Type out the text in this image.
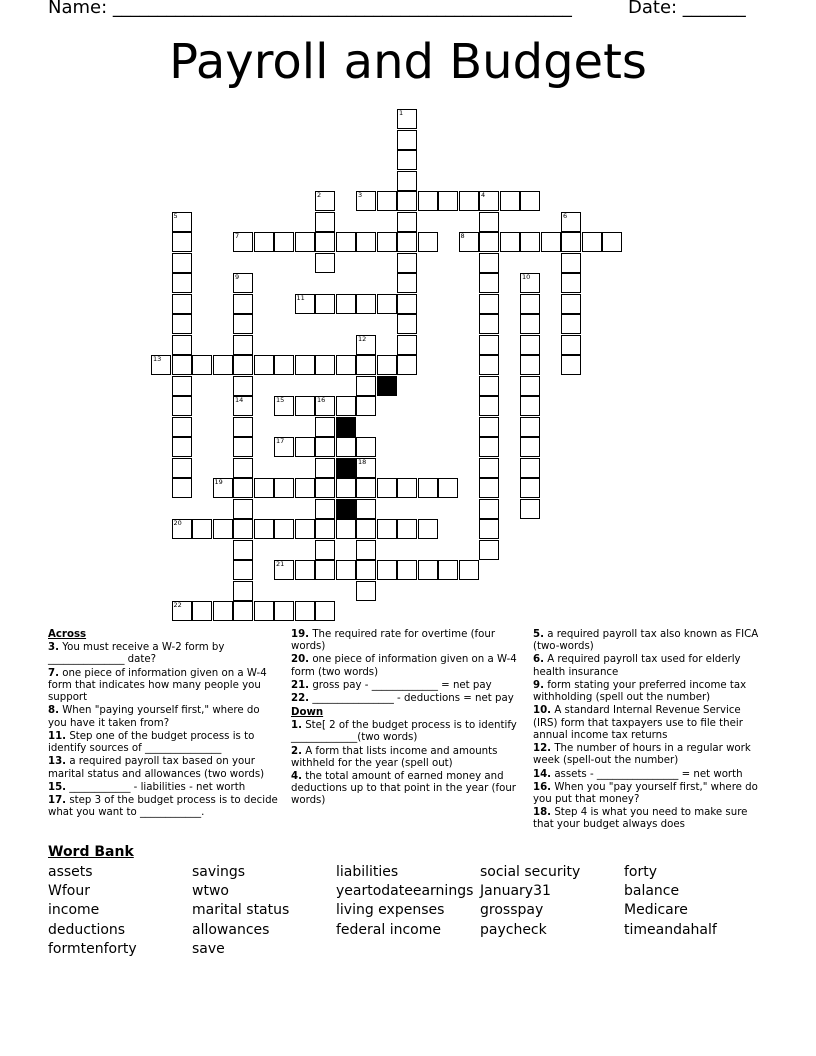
Name: ___________________________________________________	Date: _______
Payroll and Budgets
1
2	3	4
5	6
7	8
9
14
10
11
12
13
15	16
17
18
19
20
21
22

Across

3. You must receive a W-2 form by _______________ date?

7. one piece of information given on a W-4 form that indicates how many people you support

8. When "paying yourself first," where do you have it taken from?

11. Step one of the budget process is to identify sources of _______________

13. a required payroll tax based on your marital status and allowances (two words)

15. ____________ - liabilities - net worth

17. step 3 of the budget process is to decide what you want to ____________.

19. The required rate for overtime (four words)

20. one piece of information given on a W-4 form (two words)

21. gross pay - _____________ = net pay

22. ________________ - deductions = net pay

Down

1. Ste[ 2 of the budget process is to identify _____________(two words)

2. A form that lists income and amounts withheld for the year (spell out)

4. the total amount of earned money and deductions up to that point in the year (four words)

5. a required payroll tax also known as FICA (two-words)

6. A required payroll tax used for elderly health insurance

9. form stating your preferred income tax withholding (spell out the number)

10. A standard Internal Revenue Service (IRS) form that taxpayers use to file their annual income tax returns

12. The number of hours in a regular work week (spell-out the number)

14. assets - ________________ = net worth

16. When you "pay yourself first," where do you put that money?

18. Step 4 is what you need to make sure that your budget always does

Word Bank
assets
Wfour
income
deductions
formtenforty
savings
wtwo
marital status
allowances
save
liabilities
yeartodateearnings
living expenses
federal income
social security
January31
grosspay
paycheck
forty
balance
Medicare
timeandahalf
